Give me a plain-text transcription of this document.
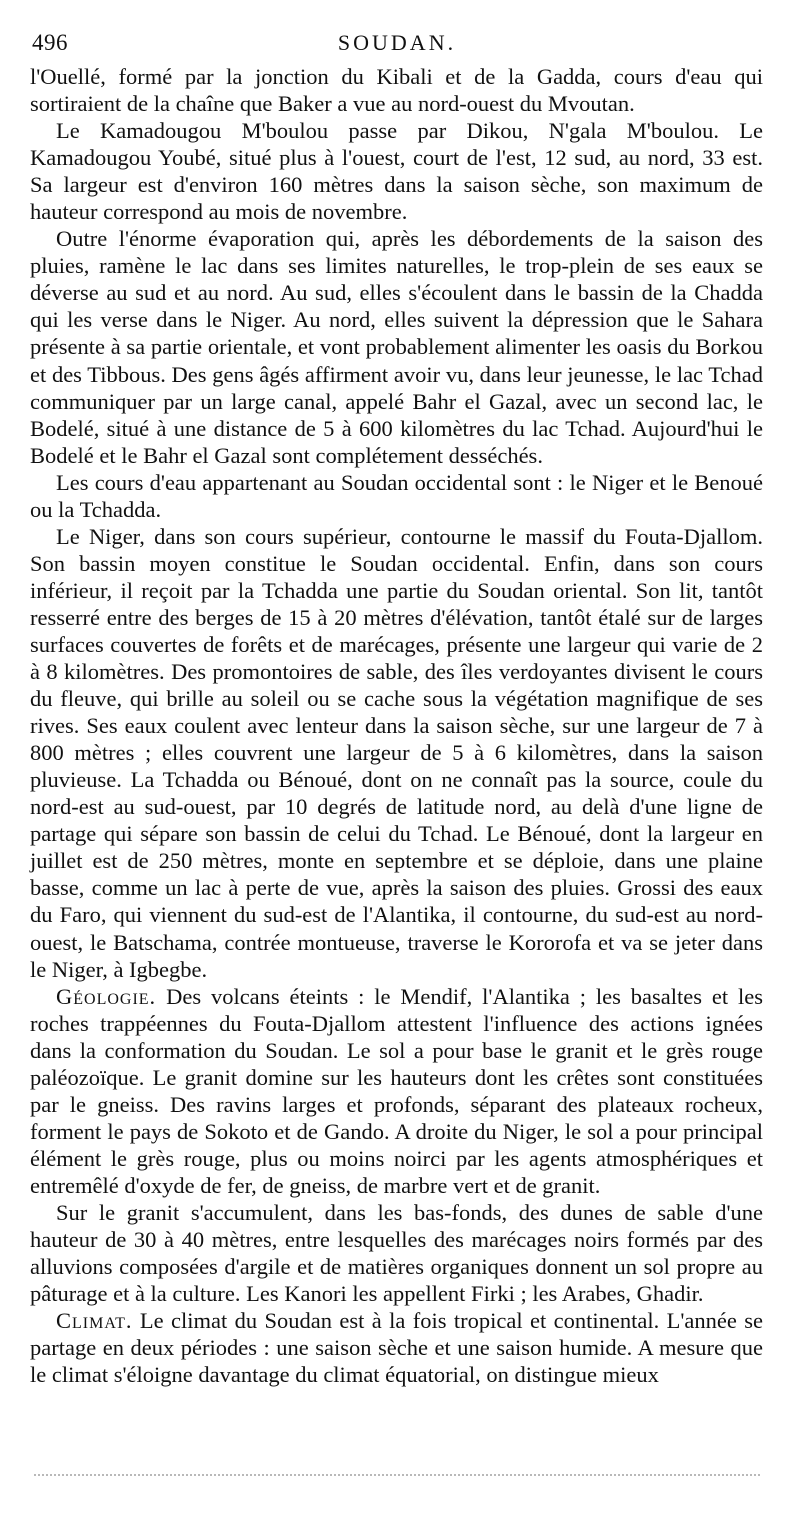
496	SOUDAN.

l'Ouellé, formé par la jonction du Kibali et de la Gadda, cours d'eau qui sortiraient de la chaîne que Baker a vue au nord-ouest du Mvoutan.

Le Kamadougou M'boulou passe par Dikou, N'gala M'boulou. Le Kamadougou Youbé, situé plus à l'ouest, court de l'est, 12 sud, au nord, 33 est. Sa largeur est d'environ 160 mètres dans la saison sèche, son maximum de hauteur correspond au mois de novembre.

Outre l'énorme évaporation qui, après les débordements de la saison des pluies, ramène le lac dans ses limites naturelles, le trop-plein de ses eaux se déverse au sud et au nord. Au sud, elles s'écoulent dans le bassin de la Chadda qui les verse dans le Niger. Au nord, elles suivent la dépression que le Sahara présente à sa partie orientale, et vont probablement alimenter les oasis du Borkou et des Tibbous. Des gens âgés affirment avoir vu, dans leur jeunesse, le lac Tchad communiquer par un large canal, appelé Bahr el Gazal, avec un second lac, le Bodelé, situé à une distance de 5 à 600 kilomètres du lac Tchad. Aujourd'hui le Bodelé et le Bahr el Gazal sont complétement desséchés.

Les cours d'eau appartenant au Soudan occidental sont : le Niger et le Benoué ou la Tchadda.

Le Niger, dans son cours supérieur, contourne le massif du Fouta-Djallom. Son bassin moyen constitue le Soudan occidental. Enfin, dans son cours inférieur, il reçoit par la Tchadda une partie du Soudan oriental. Son lit, tantôt resserré entre des berges de 15 à 20 mètres d'élévation, tantôt étalé sur de larges surfaces couvertes de forêts et de marécages, présente une largeur qui varie de 2 à 8 kilomètres. Des promontoires de sable, des îles verdoyantes divisent le cours du fleuve, qui brille au soleil ou se cache sous la végétation magnifique de ses rives. Ses eaux coulent avec lenteur dans la saison sèche, sur une largeur de 7 à 800 mètres ; elles couvrent une largeur de 5 à 6 kilomètres, dans la saison pluvieuse. La Tchadda ou Bénoué, dont on ne connaît pas la source, coule du nord-est au sud-ouest, par 10 degrés de latitude nord, au delà d'une ligne de partage qui sépare son bassin de celui du Tchad. Le Bénoué, dont la largeur en juillet est de 250 mètres, monte en septembre et se déploie, dans une plaine basse, comme un lac à perte de vue, après la saison des pluies. Grossi des eaux du Faro, qui viennent du sud-est de l'Alantika, il contourne, du sud-est au nord-ouest, le Batschama, contrée montueuse, traverse le Kororofa et va se jeter dans le Niger, à Igbegbe.

Géologie. Des volcans éteints : le Mendif, l'Alantika ; les basaltes et les roches trappéennes du Fouta-Djallom attestent l'influence des actions ignées dans la conformation du Soudan. Le sol a pour base le granit et le grès rouge paléozoïque. Le granit domine sur les hauteurs dont les crêtes sont constituées par le gneiss. Des ravins larges et profonds, séparant des plateaux rocheux, forment le pays de Sokoto et de Gando. A droite du Niger, le sol a pour principal élément le grès rouge, plus ou moins noirci par les agents atmosphériques et entremêlé d'oxyde de fer, de gneiss, de marbre vert et de granit.

Sur le granit s'accumulent, dans les bas-fonds, des dunes de sable d'une hauteur de 30 à 40 mètres, entre lesquelles des marécages noirs formés par des alluvions composées d'argile et de matières organiques donnent un sol propre au pâturage et à la culture. Les Kanori les appellent Firki ; les Arabes, Ghadir.

Climat. Le climat du Soudan est à la fois tropical et continental. L'année se partage en deux périodes : une saison sèche et une saison humide. A mesure que le climat s'éloigne davantage du climat équatorial, on distingue mieux
